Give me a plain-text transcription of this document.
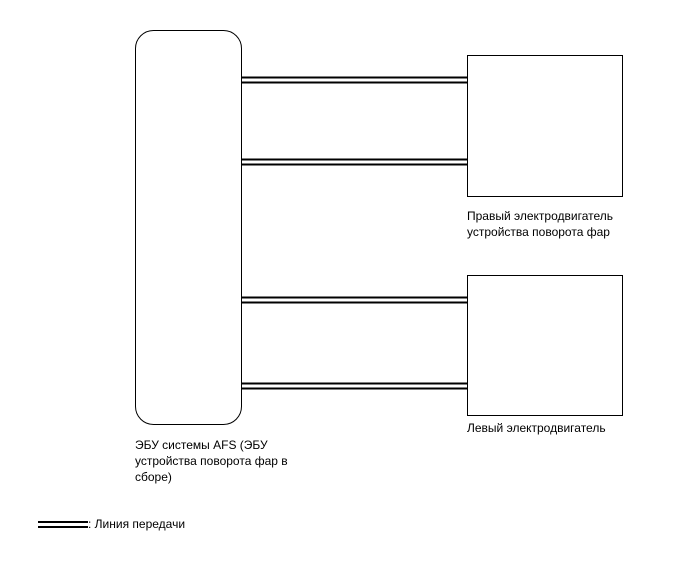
ЭБУ системы AFS (ЭБУ
устройства поворота фар в
сборе)
Правый электродвигатель
устройства поворота фар
Левый электродвигатель
: Линия передачи
